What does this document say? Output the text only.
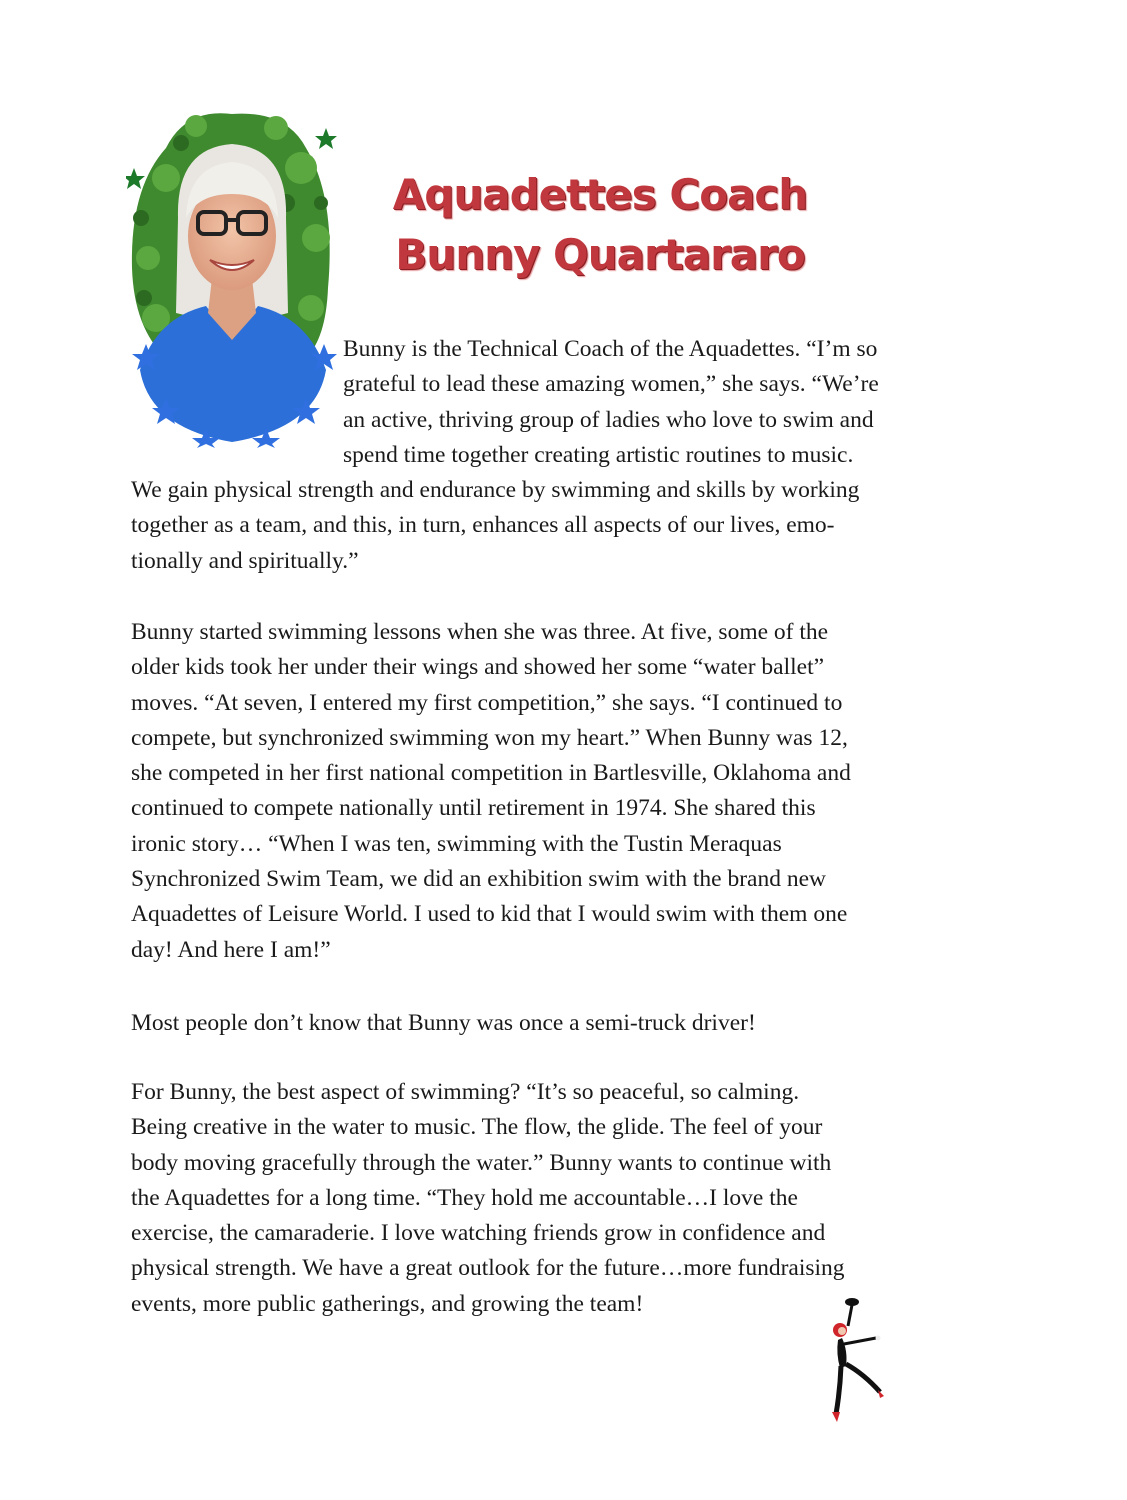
Aquadettes Coach
Bunny Quartararo

Bunny is the Technical Coach of the Aquadettes. “I’m so
grateful to lead these amazing women,” she says. “We’re
an active, thriving group of ladies who love to swim and
spend time together creating artistic routines to music.

We gain physical strength and endurance by swimming and skills by working
together as a team, and this, in turn, enhances all aspects of our lives, emo-
tionally and spiritually.”

Bunny started swimming lessons when she was three. At five, some of the
older kids took her under their wings and showed her some “water ballet”
moves. “At seven, I entered my first competition,” she says. “I continued to
compete, but synchronized swimming won my heart.” When Bunny was 12,
she competed in her first national competition in Bartlesville, Oklahoma and
continued to compete nationally until retirement in 1974. She shared this
ironic story… “When I was ten, swimming with the Tustin Meraquas
Synchronized Swim Team, we did an exhibition swim with the brand new
Aquadettes of Leisure World. I used to kid that I would swim with them one
day! And here I am!”

Most people don’t know that Bunny was once a semi-truck driver!

For Bunny, the best aspect of swimming? “It’s so peaceful, so calming.
Being creative in the water to music. The flow, the glide. The feel of your
body moving gracefully through the water.” Bunny wants to continue with
the Aquadettes for a long time. “They hold me accountable…I love the
exercise, the camaraderie. I love watching friends grow in confidence and
physical strength. We have a great outlook for the future…more fundraising
events, more public gatherings, and growing the team!
